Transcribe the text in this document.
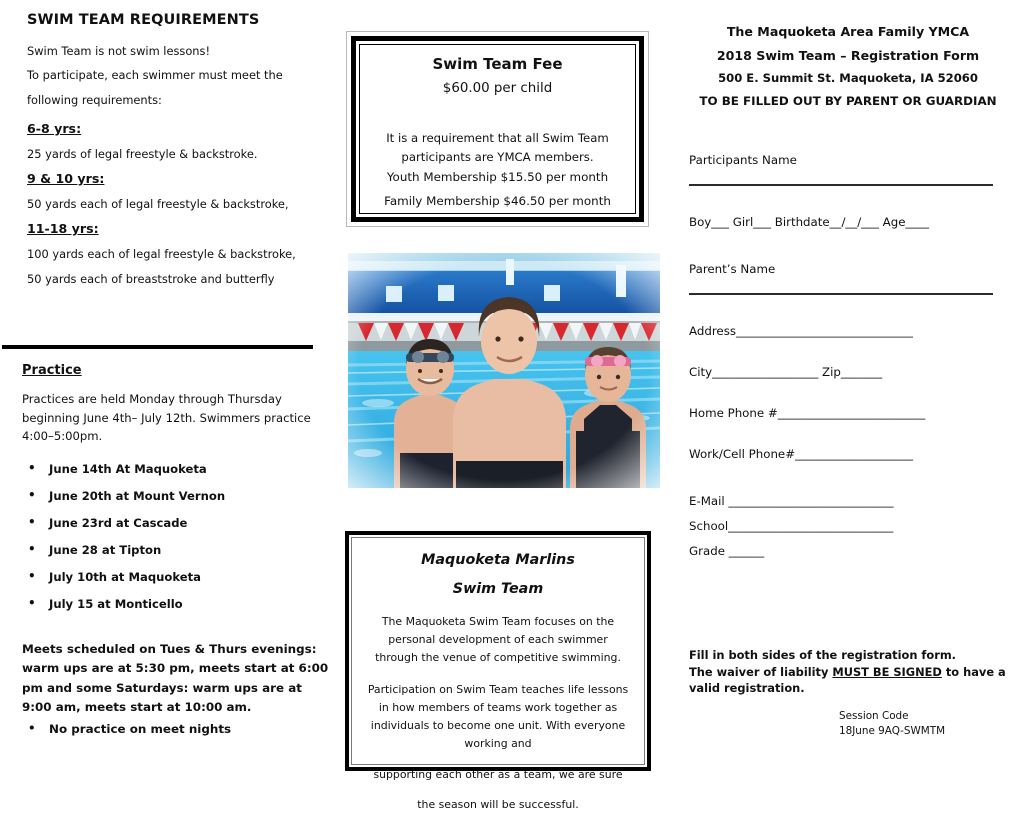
SWIM TEAM REQUIREMENTS
Swim Team is not swim lessons!
To participate, each swimmer must meet the
following requirements:
6-8 yrs:
25 yards of legal freestyle & backstroke.
9 & 10 yrs:
50 yards each of legal freestyle & backstroke,
11-18 yrs:
100 yards each of legal freestyle & backstroke,
50 yards each of breaststroke and butterfly
Practice
Practices are held Monday through Thursday beginning June 4th– July 12th. Swimmers practice 4:00–5:00pm.
• June 14th At Maquoketa
• June 20th at Mount Vernon
• June 23rd at Cascade
• June 28 at Tipton
• July 10th at Maquoketa
• July 15 at Monticello
Meets scheduled on Tues & Thurs evenings: warm ups are at 5:30 pm, meets start at 6:00 pm and some Saturdays: warm ups are at 9:00 am, meets start at 10:00 am.
• No practice on meet nights
Swim Team Fee
$60.00 per child
It is a requirement that all Swim Team participants are YMCA members.
Youth Membership $15.50 per month
Family Membership $46.50 per month
Maquoketa Marlins
Swim Team
The Maquoketa Swim Team focuses on the personal development of each swimmer through the venue of competitive swimming.
Participation on Swim Team teaches life lessons in how members of teams work together as individuals to become one unit. With everyone working and
supporting each other as a team, we are sure the season will be successful.
The Maquoketa Area Family YMCA
2018 Swim Team – Registration Form
500 E. Summit St. Maquoketa, IA 52060
TO BE FILLED OUT BY PARENT OR GUARDIAN
Participants Name
Boy___ Girl___ Birthdate__/__/___ Age____
Parent’s Name
Address______________________________
City__________________ Zip_______
Home Phone #_________________________
Work/Cell Phone#____________________
E-Mail ____________________________
School____________________________
Grade ______
Fill in both sides of the registration form.
The waiver of liability MUST BE SIGNED to have a
valid registration.
Session Code
18June 9AQ-SWMTM
